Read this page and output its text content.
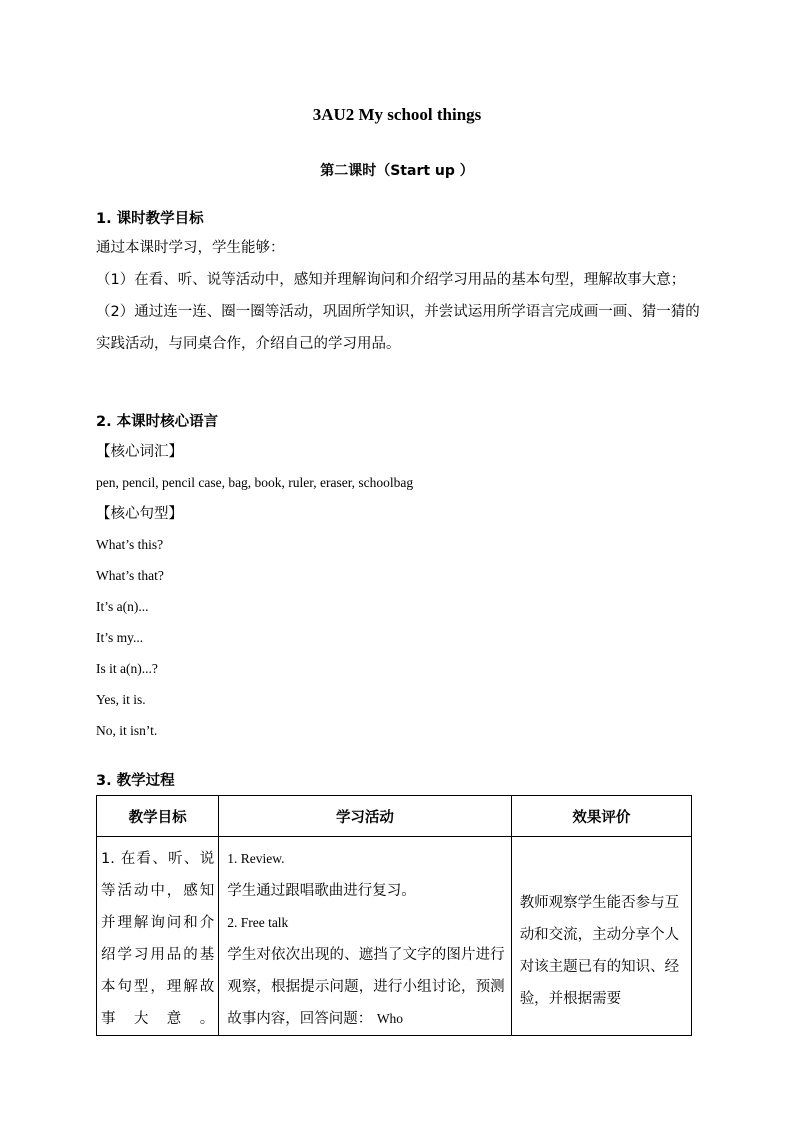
3AU2 My school things
第二课时（Start up ）
1. 课时教学目标
通过本课时学习，学生能够：
（1）在看、听、说等活动中，感知并理解询问和介绍学习用品的基本句型，理解故事大意；
（2）通过连一连、圈一圈等活动，巩固所学知识，并尝试运用所学语言完成画一画、猜一猜的实践活动，与同桌合作，介绍自己的学习用品。
2. 本课时核心语言
【核心词汇】
pen, pencil, pencil case, bag, book, ruler, eraser, schoolbag
【核心句型】
What’s this?
What’s that?
It’s a(n)...
It’s my...
Is it a(n)...?
Yes, it is.
No, it isn’t.
3. 教学过程
教学目标	学习活动	效果评价
1. 在看、听、说等活动中，感知并理解询问和介绍学习用品的基本句型，理解故事大意。	1. Review.
学生通过跟唱歌曲进行复习。
2. Free talk
学生对依次出现的、遮挡了文字的图片进行观察，根据提示问题，进行小组讨论，预测故事内容，回答问题： Who	教师观察学生能否参与互动和交流，主动分享个人对该主题已有的知识、经验，并根据需要
